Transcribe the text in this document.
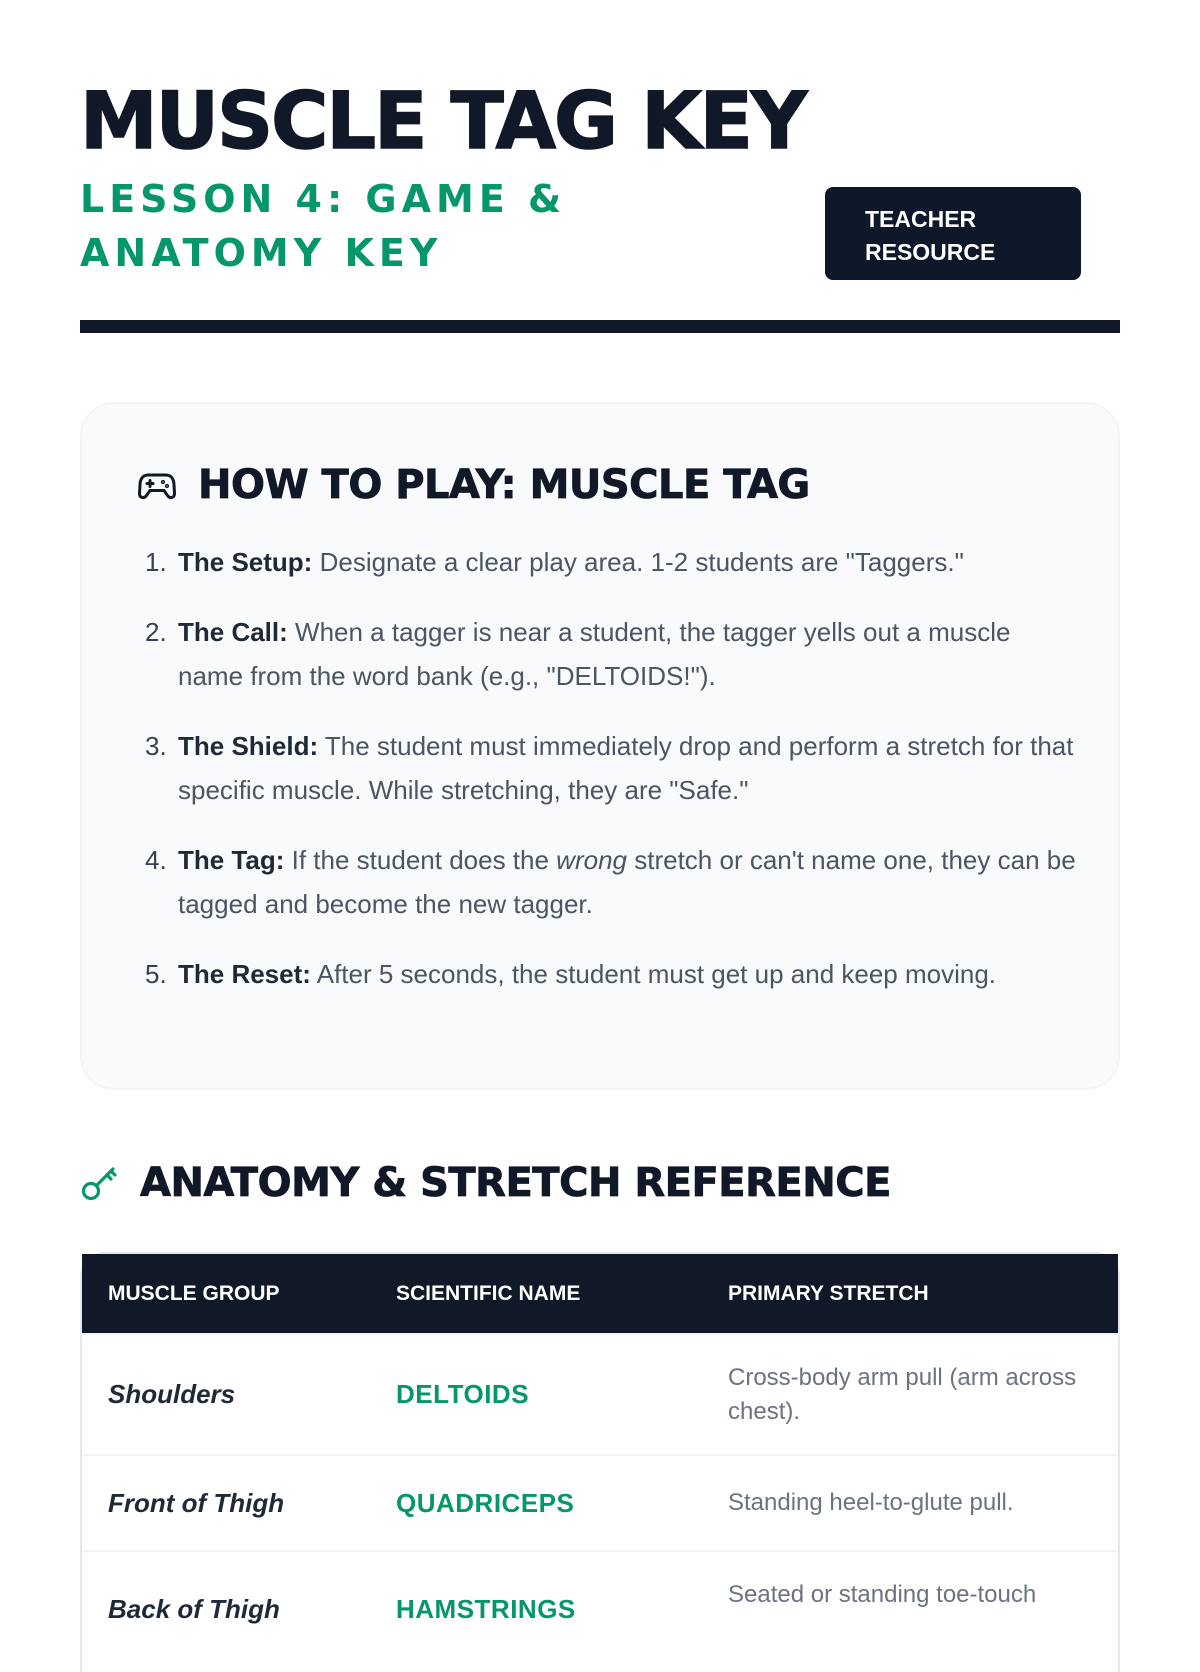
MUSCLE TAG KEY
LESSON 4: GAME & ANATOMY KEY
TEACHER RESOURCE
HOW TO PLAY: MUSCLE TAG
The Setup: Designate a clear play area. 1-2 students are "Taggers."
The Call: When a tagger is near a student, the tagger yells out a muscle name from the word bank (e.g., "DELTOIDS!").
The Shield: The student must immediately drop and perform a stretch for that specific muscle. While stretching, they are "Safe."
The Tag: If the student does the wrong stretch or can't name one, they can be tagged and become the new tagger.
The Reset: After 5 seconds, the student must get up and keep moving.
ANATOMY & STRETCH REFERENCE
MUSCLE GROUP	SCIENTIFIC NAME	PRIMARY STRETCH
Shoulders	DELTOIDS	Cross-body arm pull (arm across chest).
Front of Thigh	QUADRICEPS	Standing heel-to-glute pull.
Back of Thigh	HAMSTRINGS	Seated or standing toe-touch
